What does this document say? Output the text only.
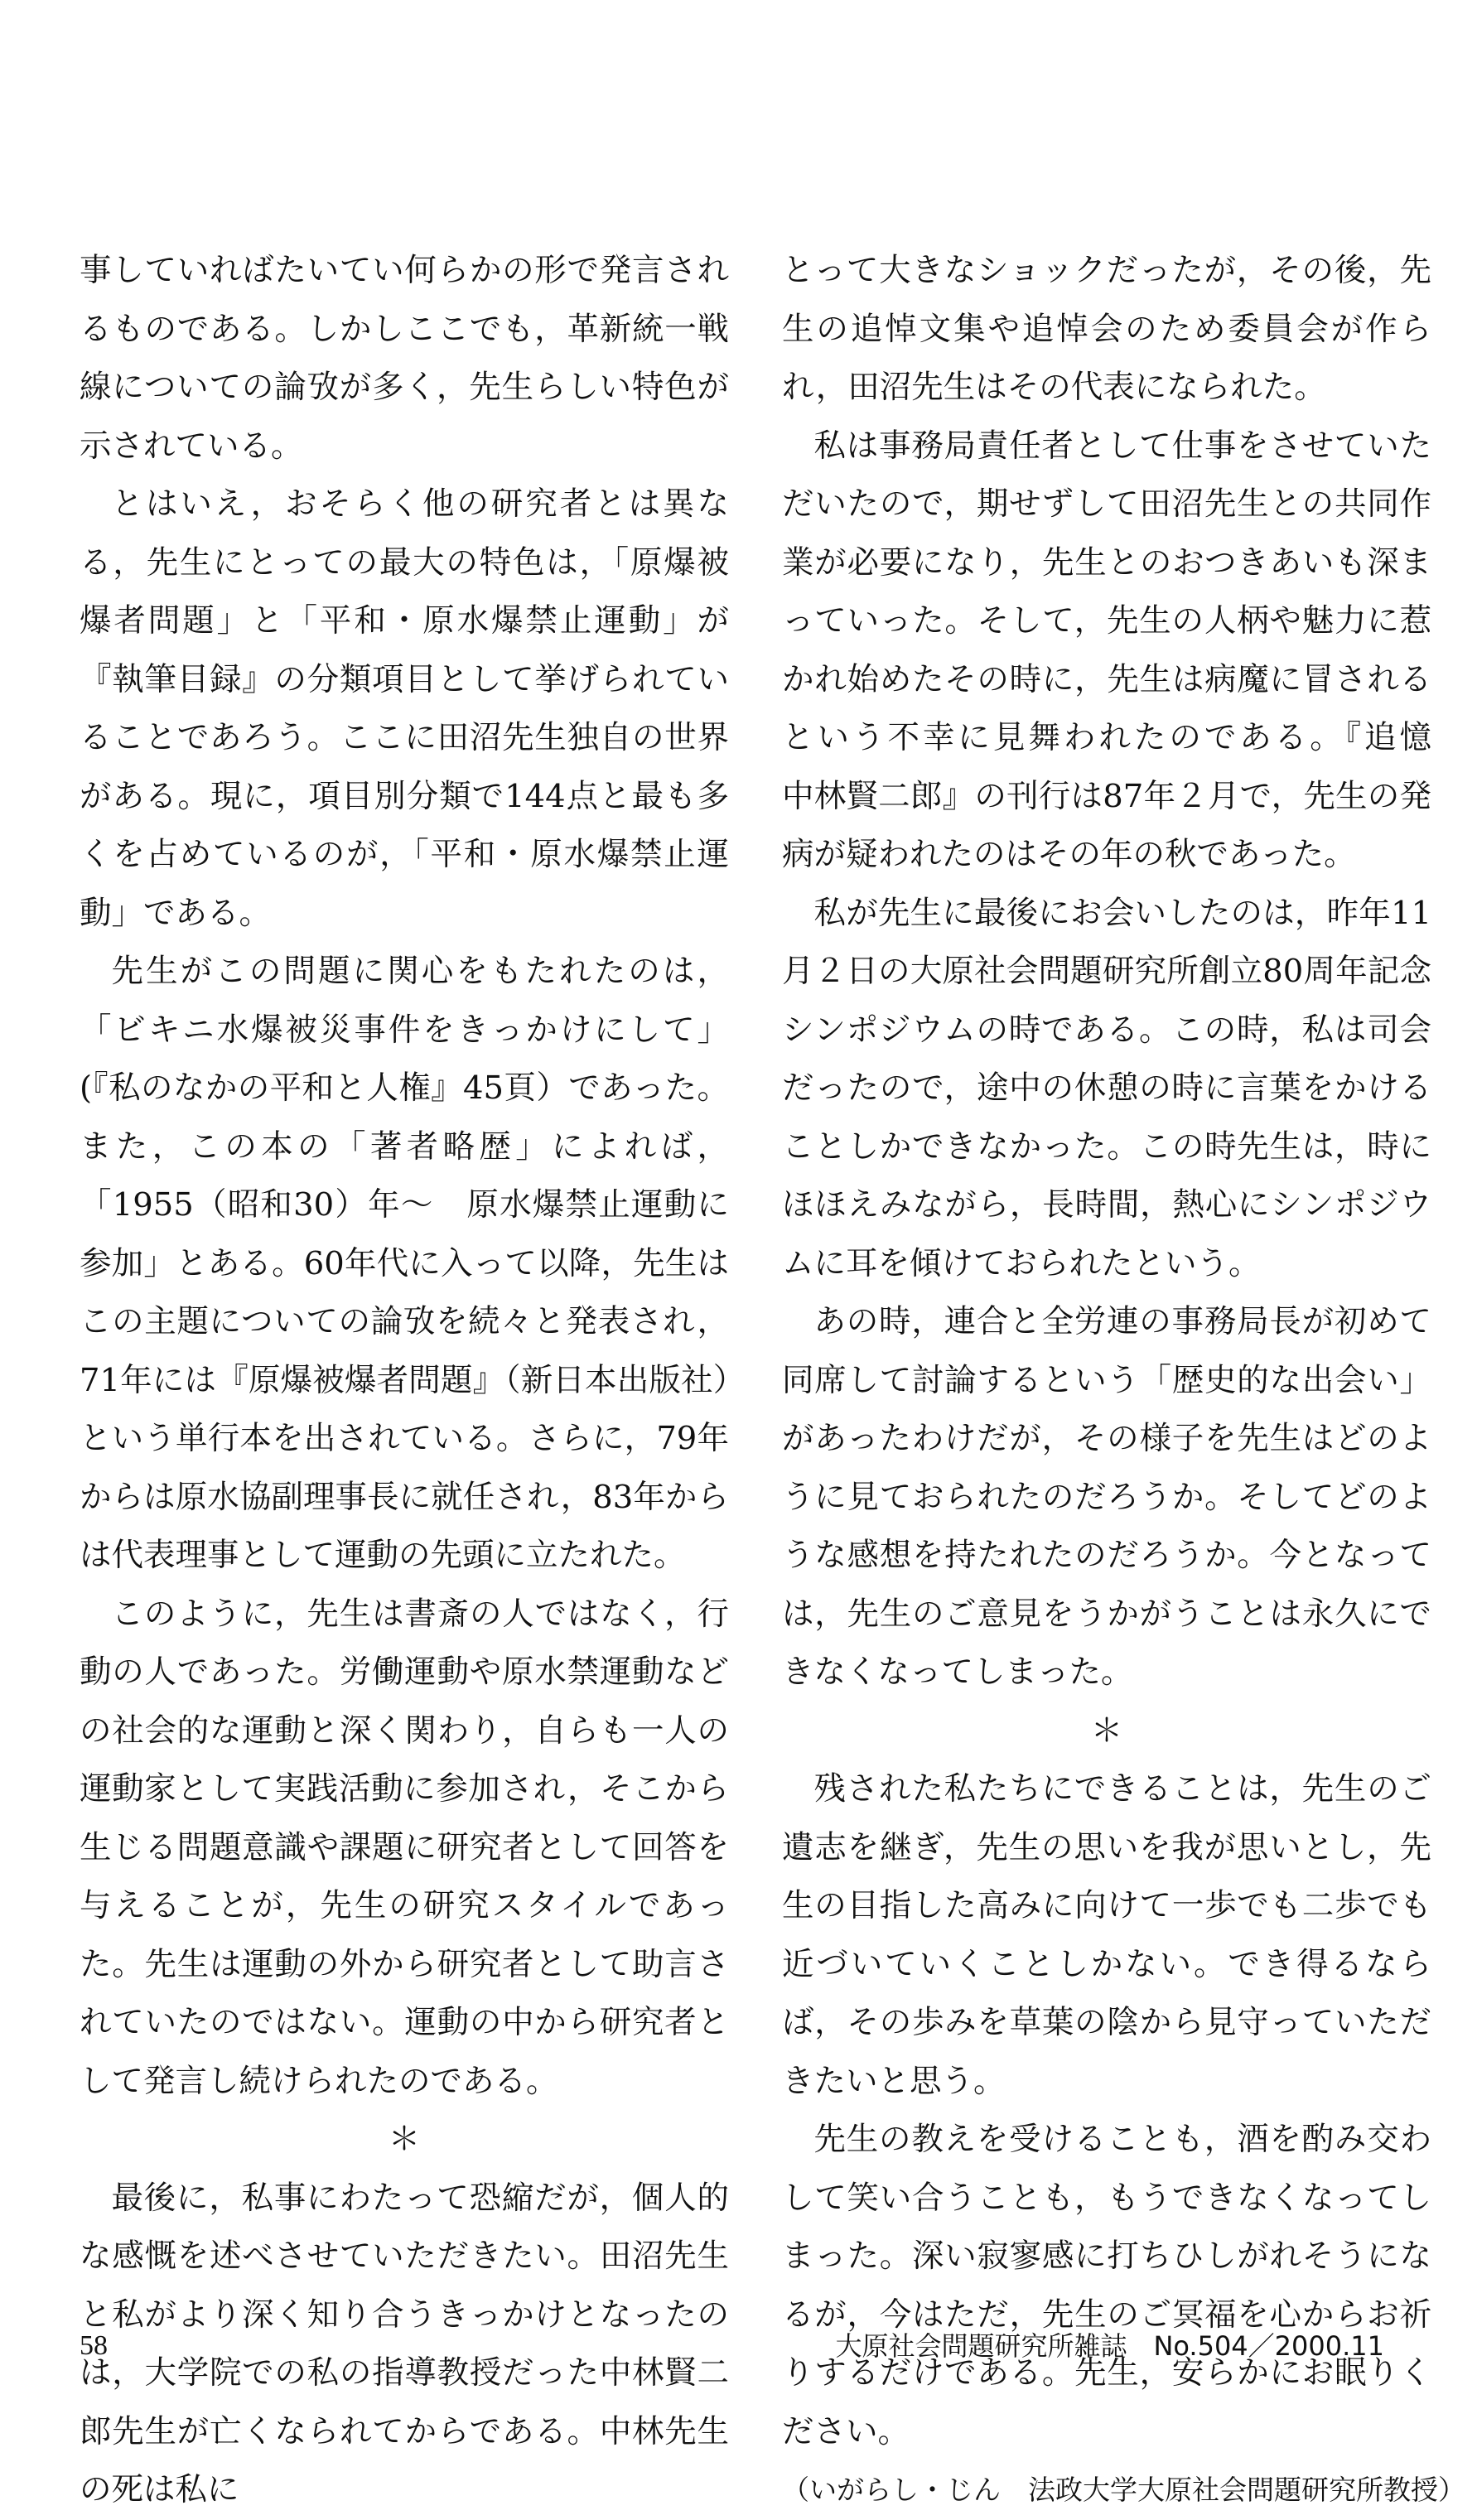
事していればたいてい何らかの形で発言されるものである。しかしここでも，革新統一戦線についての論攷が多く，先生らしい特色が示されている。

とはいえ，おそらく他の研究者とは異なる，先生にとっての最大の特色は，「原爆被爆者問題」と「平和・原水爆禁止運動」が『執筆目録』の分類項目として挙げられていることであろう。ここに田沼先生独自の世界がある。現に，項目別分類で144点と最も多くを占めているのが，「平和・原水爆禁止運動」である。

先生がこの問題に関心をもたれたのは，「ビキニ水爆被災事件をきっかけにして」(『私のなかの平和と人権』45頁）であった。また，この本の「著者略歴」によれば，「1955（昭和30）年〜　原水爆禁止運動に参加」とある。60年代に入って以降，先生はこの主題についての論攷を続々と発表され，71年には『原爆被爆者問題』（新日本出版社）という単行本を出されている。さらに，79年からは原水協副理事長に就任され，83年からは代表理事として運動の先頭に立たれた。

このように，先生は書斎の人ではなく，行動の人であった。労働運動や原水禁運動などの社会的な運動と深く関わり，自らも一人の運動家として実践活動に参加され，そこから生じる問題意識や課題に研究者として回答を与えることが，先生の研究スタイルであった。先生は運動の外から研究者として助言されていたのではない。運動の中から研究者として発言し続けられたのである。

＊

最後に，私事にわたって恐縮だが，個人的な感慨を述べさせていただきたい。田沼先生と私がより深く知り合うきっかけとなったのは，大学院での私の指導教授だった中林賢二郎先生が亡くなられてからである。中林先生の死は私に

とって大きなショックだったが，その後，先生の追悼文集や追悼会のため委員会が作られ，田沼先生はその代表になられた。

私は事務局責任者として仕事をさせていただいたので，期せずして田沼先生との共同作業が必要になり，先生とのおつきあいも深まっていった。そして，先生の人柄や魅力に惹かれ始めたその時に，先生は病魔に冒されるという不幸に見舞われたのである。『追憶　中林賢二郎』の刊行は87年２月で，先生の発病が疑われたのはその年の秋であった。

私が先生に最後にお会いしたのは，昨年11月２日の大原社会問題研究所創立80周年記念シンポジウムの時である。この時，私は司会だったので，途中の休憩の時に言葉をかけることしかできなかった。この時先生は，時にほほえみながら，長時間，熱心にシンポジウムに耳を傾けておられたという。

あの時，連合と全労連の事務局長が初めて同席して討論するという「歴史的な出会い」があったわけだが，その様子を先生はどのように見ておられたのだろうか。そしてどのような感想を持たれたのだろうか。今となっては，先生のご意見をうかがうことは永久にできなくなってしまった。

＊

残された私たちにできることは，先生のご遺志を継ぎ，先生の思いを我が思いとし，先生の目指した高みに向けて一歩でも二歩でも近づいていくことしかない。でき得るならば，その歩みを草葉の陰から見守っていただきたいと思う。

先生の教えを受けることも，酒を酌み交わして笑い合うことも，もうできなくなってしまった。深い寂寥感に打ちひしがれそうになるが，今はただ，先生のご冥福を心からお祈りするだけである。先生，安らかにお眠りください。

（いがらし・じん　法政大学大原社会問題研究所教授）

58	大原社会問題研究所雑誌　No.504／2000.11
